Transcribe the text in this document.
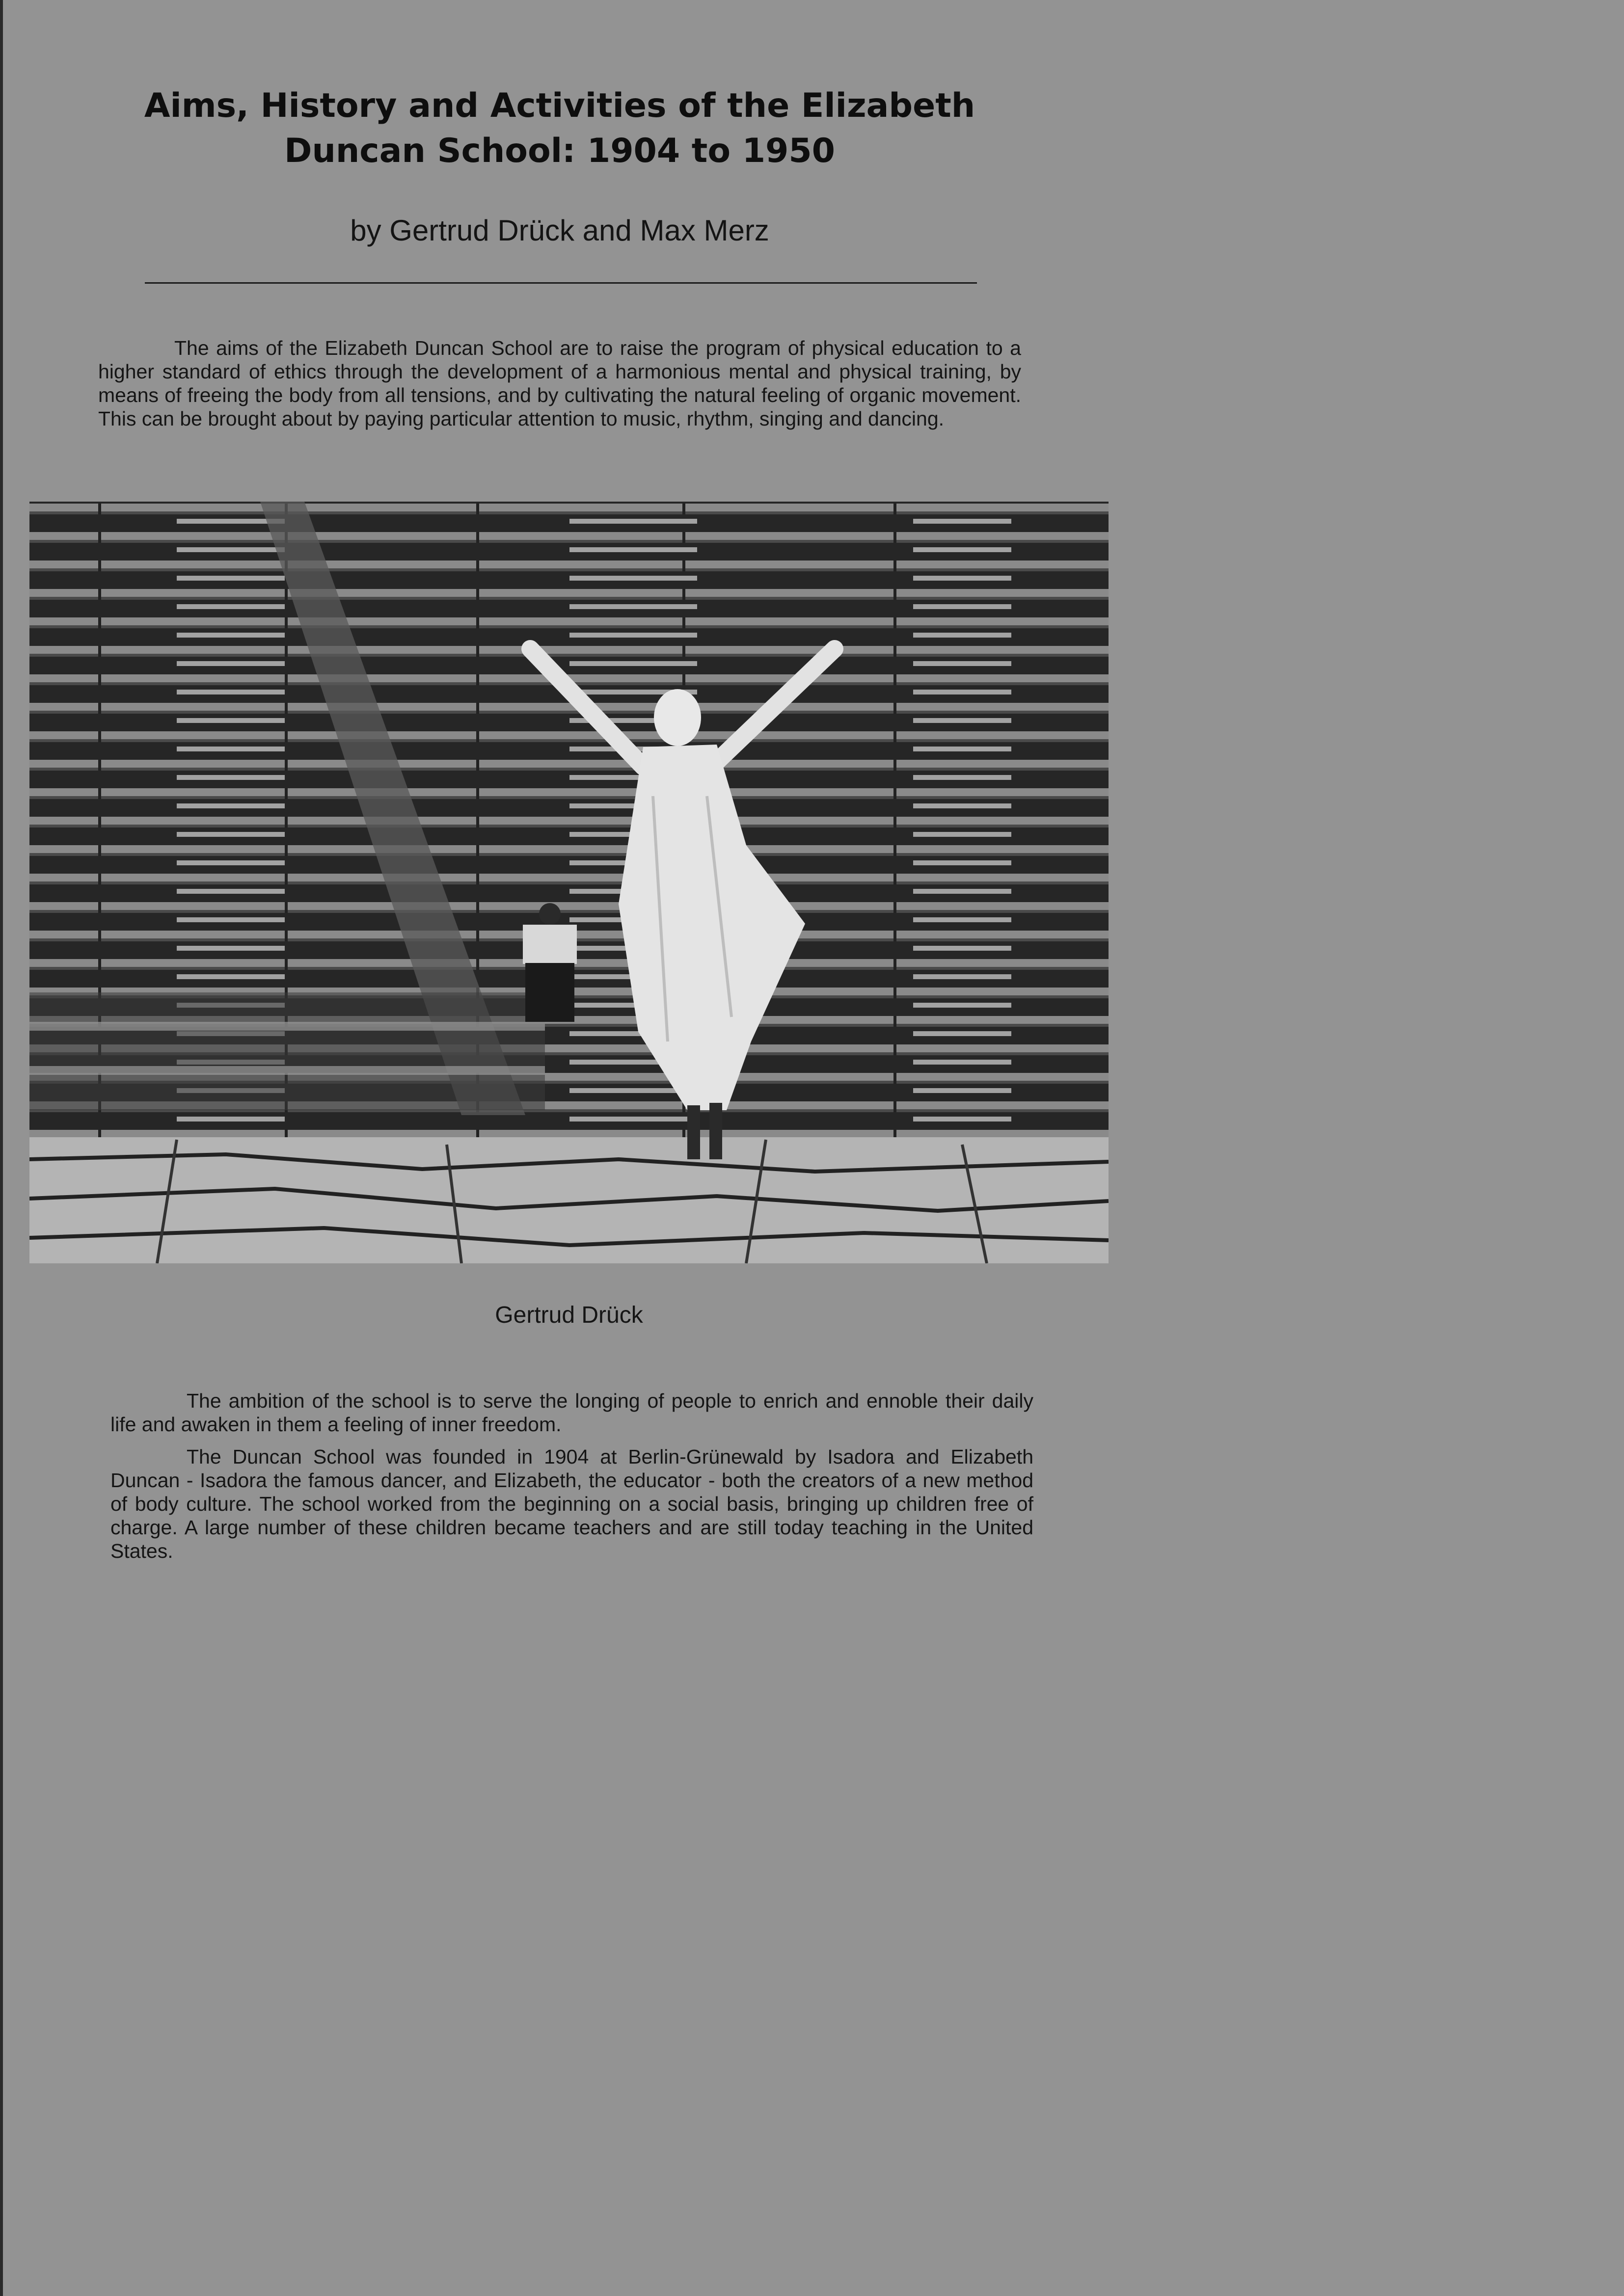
Aims, History and Activities of the Elizabeth
Duncan School: 1904 to 1950
by Gertrud Drück and Max Merz

The aims of the Elizabeth Duncan School are to raise the program of physical education to a higher standard of ethics through the development of a harmonious mental and physical training, by means of freeing the body from all tensions, and by cultivating the natural feeling of organic movement. This can be brought about by paying particular attention to music, rhythm, singing and dancing.

Gertrud Drück

The ambition of the school is to serve the longing of people to enrich and ennoble their daily life and awaken in them a feeling of inner freedom.

The Duncan School was founded in 1904 at Berlin-Grünewald by Isadora and Elizabeth Duncan - Isadora the famous dancer, and Elizabeth, the educator - both the creators of a new method of body culture. The school worked from the beginning on a social basis, bringing up children free of charge. A large number of these children became teachers and are still today teaching in the United States.
